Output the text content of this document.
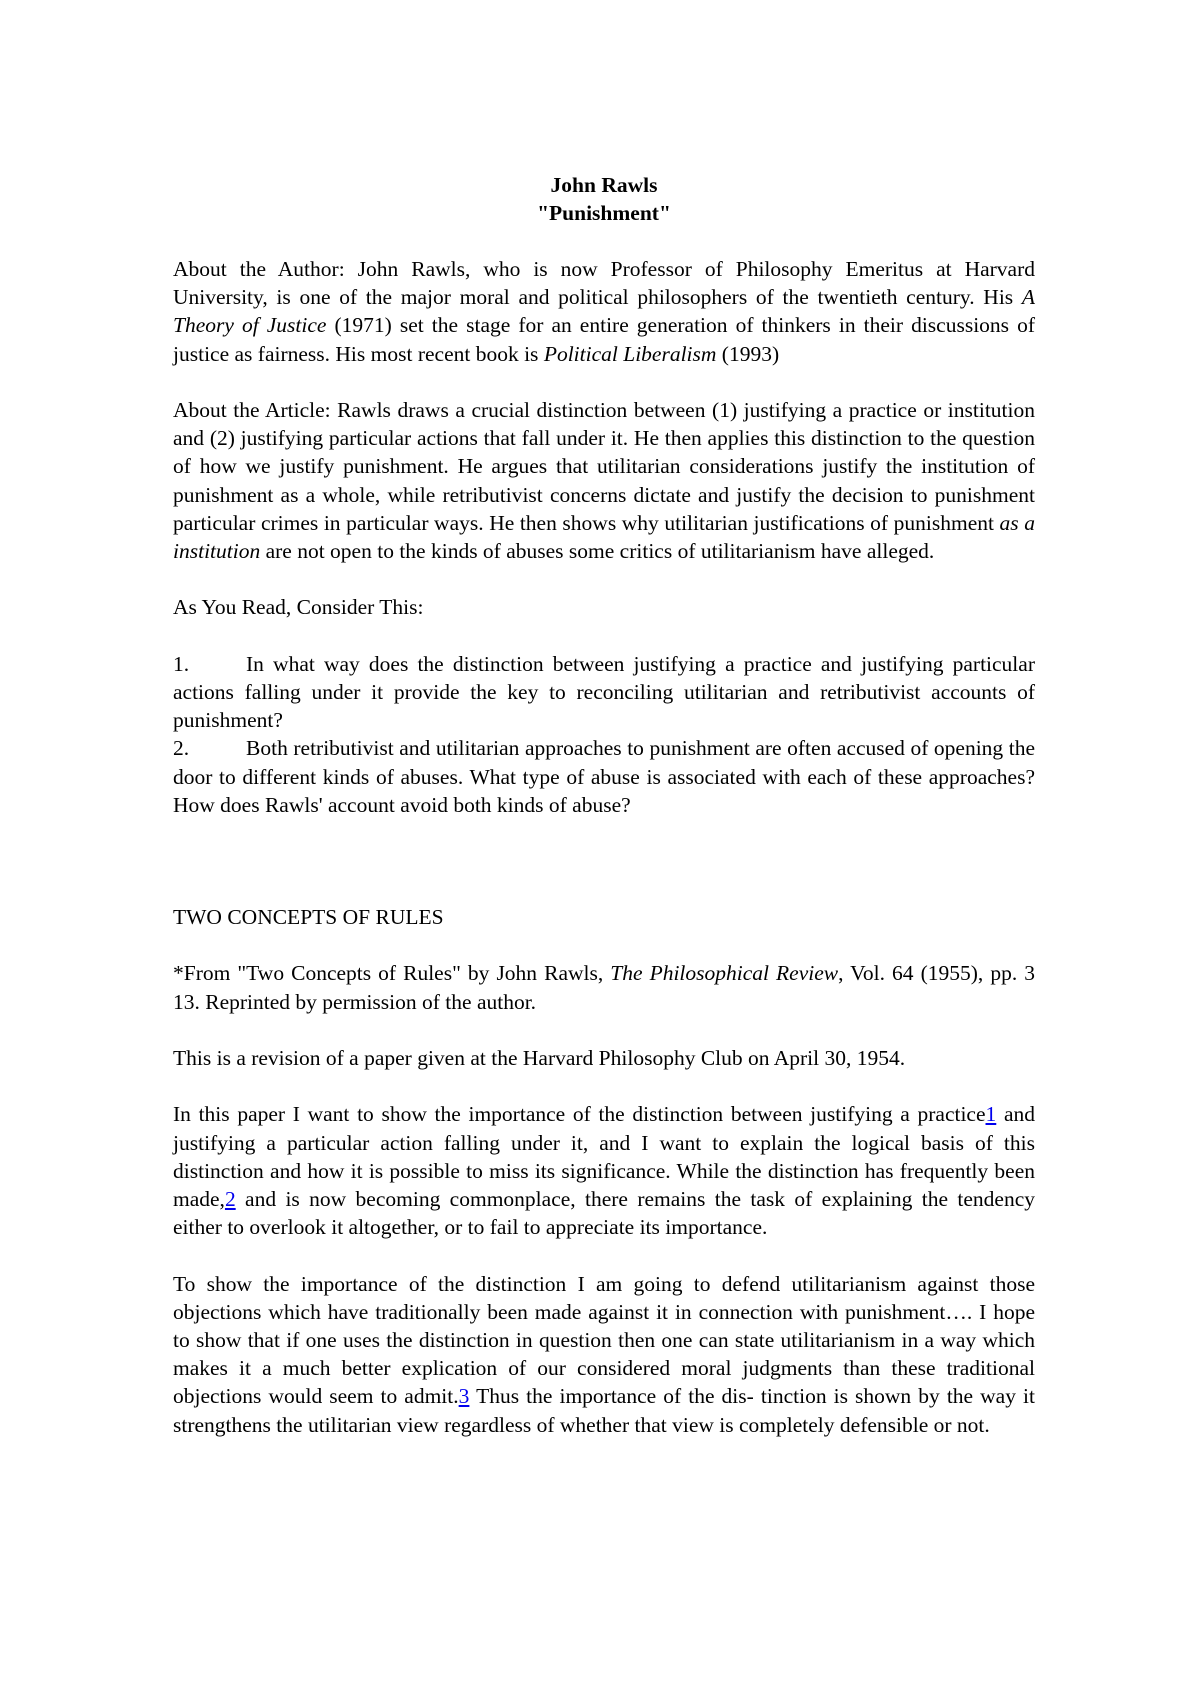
John Rawls
"Punishment"

About the Author: John Rawls, who is now Professor of Philosophy Emeritus at Harvard University, is one of the major moral and political philosophers of the twentieth century. His A Theory of Justice (1971) set the stage for an entire generation of thinkers in their discussions of justice as fairness. His most recent book is Political Liberalism (1993)

About the Article: Rawls draws a crucial distinction between (1) justifying a practice or institution and (2) justifying particular actions that fall under it. He then applies this distinction to the question of how we justify punishment. He argues that utilitarian considerations justify the institution of punishment as a whole, while retributivist concerns dictate and justify the decision to punishment particular crimes in particular ways. He then shows why utilitarian justifications of punishment as a institution are not open to the kinds of abuses some critics of utilitarianism have alleged.

As You Read, Consider This:

1.	In what way does the distinction between justifying a practice and justifying particular actions falling under it provide the key to reconciling utilitarian and retributivist accounts of punishment?

2.	Both retributivist and utilitarian approaches to punishment are often accused of opening the door to different kinds of abuses. What type of abuse is associated with each of these approaches? How does Rawls' account avoid both kinds of abuse?

TWO CONCEPTS OF RULES

*From "Two Concepts of Rules" by John Rawls, The Philosophical Review, Vol. 64 (1955), pp. 3 13. Reprinted by permission of the author.

This is a revision of a paper given at the Harvard Philosophy Club on April 30, 1954.

In this paper I want to show the importance of the distinction between justifying a practice1 and justifying a particular action falling under it, and I want to explain the logical basis of this distinction and how it is possible to miss its significance. While the distinction has frequently been made,2 and is now becoming commonplace, there remains the task of explaining the tendency either to overlook it altogether, or to fail to appreciate its importance.

To show the importance of the distinction I am going to defend utilitarianism against those objections which have traditionally been made against it in connection with punishment…. I hope to show that if one uses the distinction in question then one can state utilitarianism in a way which makes it a much better explication of our considered moral judgments than these traditional objections would seem to admit.3 Thus the importance of the dis- tinction is shown by the way it strengthens the utilitarian view regardless of whether that view is completely defensible or not.
